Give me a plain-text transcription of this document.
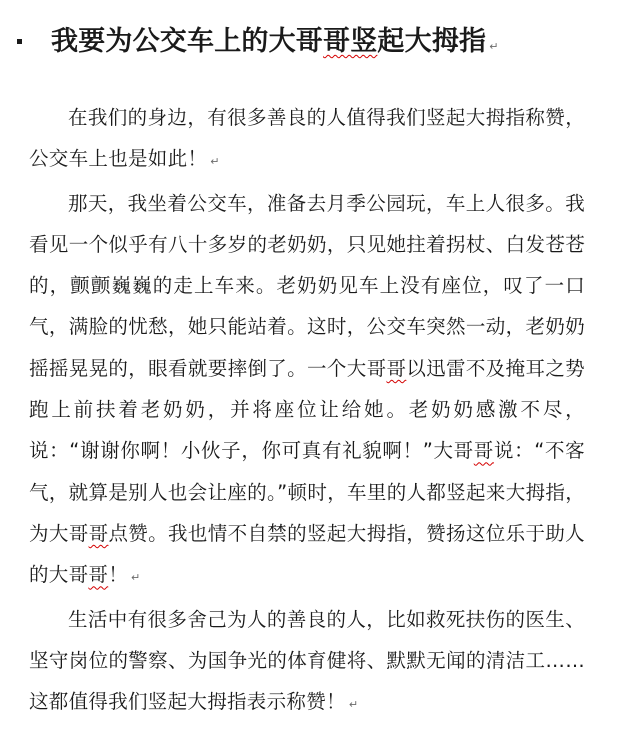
我要为公交车上的大哥哥竖起大拇指 ↵

在我们的身边，有很多善良的人值得我们竖起大拇指称赞，公交车上也是如此！ ↵

那天，我坐着公交车，准备去月季公园玩，车上人很多。我看见一个似乎有八十多岁的老奶奶，只见她拄着拐杖、白发苍苍的，颤颤巍巍的走上车来。老奶奶见车上没有座位，叹了一口气，满脸的忧愁，她只能站着。这时，公交车突然一动，老奶奶摇摇晃晃的，眼看就要摔倒了。一个大哥哥以迅雷不及掩耳之势跑上前扶着老奶奶，并将座位让给她。老奶奶感激不尽，说：“谢谢你啊！小伙子，你可真有礼貌啊！”大哥哥说：“不客气，就算是别人也会让座的。”顿时，车里的人都竖起来大拇指，为大哥哥点赞。我也情不自禁的竖起大拇指，赞扬这位乐于助人的大哥哥！ ↵

生活中有很多舍己为人的善良的人，比如救死扶伤的医生、坚守岗位的警察、为国争光的体育健将、默默无闻的清洁工……这都值得我们竖起大拇指表示称赞！ ↵
